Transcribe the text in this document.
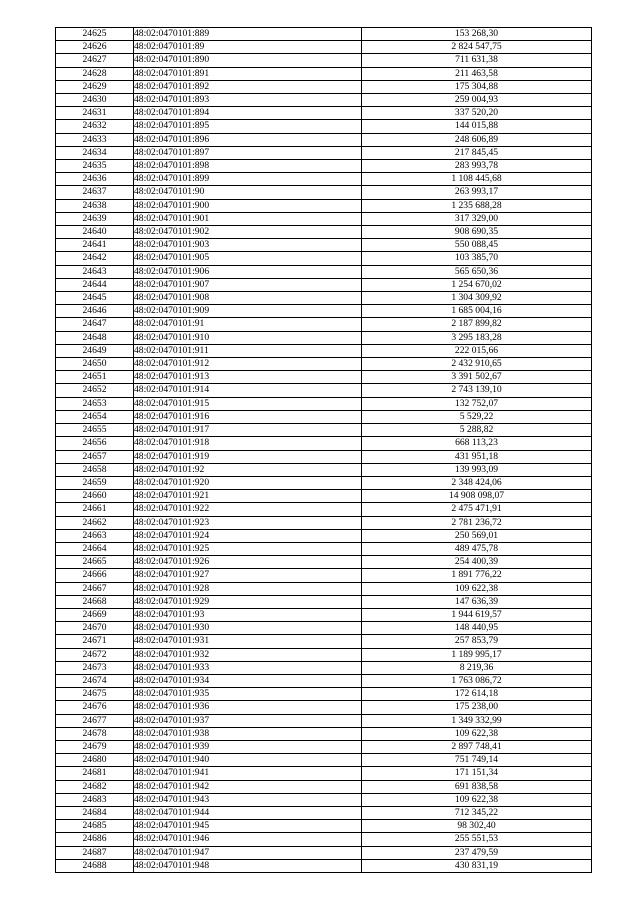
24625	48:02:0470101:889	153 268,30
24626	48:02:0470101:89	2 824 547,75
24627	48:02:0470101:890	711 631,38
24628	48:02:0470101:891	211 463,58
24629	48:02:0470101:892	175 304,88
24630	48:02:0470101:893	259 004,93
24631	48:02:0470101:894	337 520,20
24632	48:02:0470101:895	144 015,88
24633	48:02:0470101:896	248 606,89
24634	48:02:0470101:897	217 845,45
24635	48:02:0470101:898	283 993,78
24636	48:02:0470101:899	1 108 445,68
24637	48:02:0470101:90	263 993,17
24638	48:02:0470101:900	1 235 688,28
24639	48:02:0470101:901	317 329,00
24640	48:02:0470101:902	908 690,35
24641	48:02:0470101:903	550 088,45
24642	48:02:0470101:905	103 385,70
24643	48:02:0470101:906	565 650,36
24644	48:02:0470101:907	1 254 670,02
24645	48:02:0470101:908	1 304 309,92
24646	48:02:0470101:909	1 685 004,16
24647	48:02:0470101:91	2 187 899,82
24648	48:02:0470101:910	3 295 183,28
24649	48:02:0470101:911	222 015,66
24650	48:02:0470101:912	2 432 910,65
24651	48:02:0470101:913	3 391 502,67
24652	48:02:0470101:914	2 743 139,10
24653	48:02:0470101:915	132 752,07
24654	48:02:0470101:916	5 529,22
24655	48:02:0470101:917	5 288,82
24656	48:02:0470101:918	668 113,23
24657	48:02:0470101:919	431 951,18
24658	48:02:0470101:92	139 993,09
24659	48:02:0470101:920	2 348 424,06
24660	48:02:0470101:921	14 908 098,07
24661	48:02:0470101:922	2 475 471,91
24662	48:02:0470101:923	2 781 236,72
24663	48:02:0470101:924	250 569,01
24664	48:02:0470101:925	489 475,78
24665	48:02:0470101:926	254 400,39
24666	48:02:0470101:927	1 891 776,22
24667	48:02:0470101:928	109 622,38
24668	48:02:0470101:929	147 636,39
24669	48:02:0470101:93	1 944 619,57
24670	48:02:0470101:930	148 440,95
24671	48:02:0470101:931	257 853,79
24672	48:02:0470101:932	1 189 995,17
24673	48:02:0470101:933	8 219,36
24674	48:02:0470101:934	1 763 086,72
24675	48:02:0470101:935	172 614,18
24676	48:02:0470101:936	175 238,00
24677	48:02:0470101:937	1 349 332,99
24678	48:02:0470101:938	109 622,38
24679	48:02:0470101:939	2 897 748,41
24680	48:02:0470101:940	751 749,14
24681	48:02:0470101:941	171 151,34
24682	48:02:0470101:942	691 838,58
24683	48:02:0470101:943	109 622,38
24684	48:02:0470101:944	712 345,22
24685	48:02:0470101:945	98 302,40
24686	48:02:0470101:946	255 551,53
24687	48:02:0470101:947	237 479,59
24688	48:02:0470101:948	430 831,19
